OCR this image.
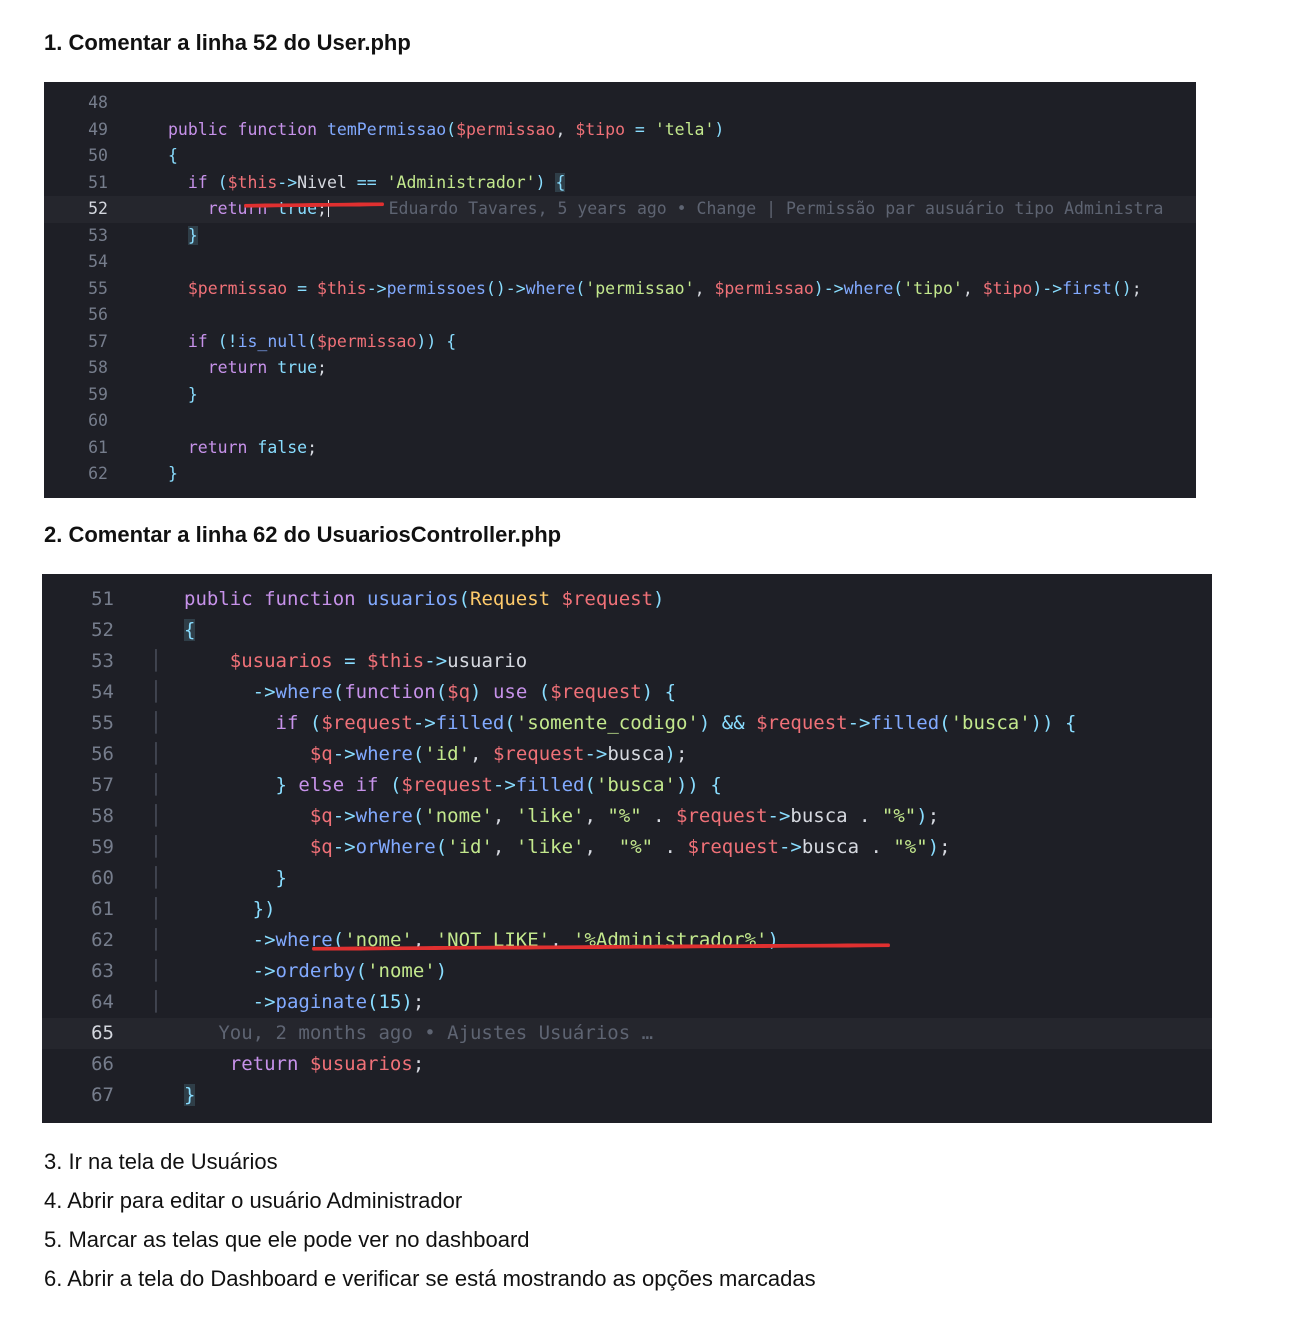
1. Comentar a linha 52 do User.php
48
49	public function temPermissao($permissao, $tipo = 'tela')
50	{
51	if ($this->Nivel == 'Administrador') {
52	return true;	Eduardo Tavares, 5 years ago • Change | Permissão par ausuário tipo Administra
53	}
54
55	$permissao = $this->permissoes()->where('permissao', $permissao)->where('tipo', $tipo)->first();
56
57	if (!is_null($permissao)) {
58	return true;
59	}
60
61	return false;
62	}
2. Comentar a linha 62 do UsuariosController.php
51	public function usuarios(Request $request)
52	{
53	│	$usuarios = $this->usuario
54	│	->where(function($q) use ($request) {
55	│	if ($request->filled('somente_codigo') && $request->filled('busca')) {
56	│	$q->where('id', $request->busca);
57	│	} else if ($request->filled('busca')) {
58	│	$q->where('nome', 'like', "%" . $request->busca . "%");
59	│	$q->orWhere('id', 'like',  "%" . $request->busca . "%");
60	│	}
61	│	})
62	│	->where('nome', 'NOT LIKE', '%Administrador%')
63	│	->orderby('nome')
64	│	->paginate(15);
65	You, 2 months ago • Ajustes Usuários …
66	return $usuarios;
67	}

3. Ir na tela de Usuários

4. Abrir para editar o usuário Administrador

5. Marcar as telas que ele pode ver no dashboard

6. Abrir a tela do Dashboard e verificar se está mostrando as opções marcadas
